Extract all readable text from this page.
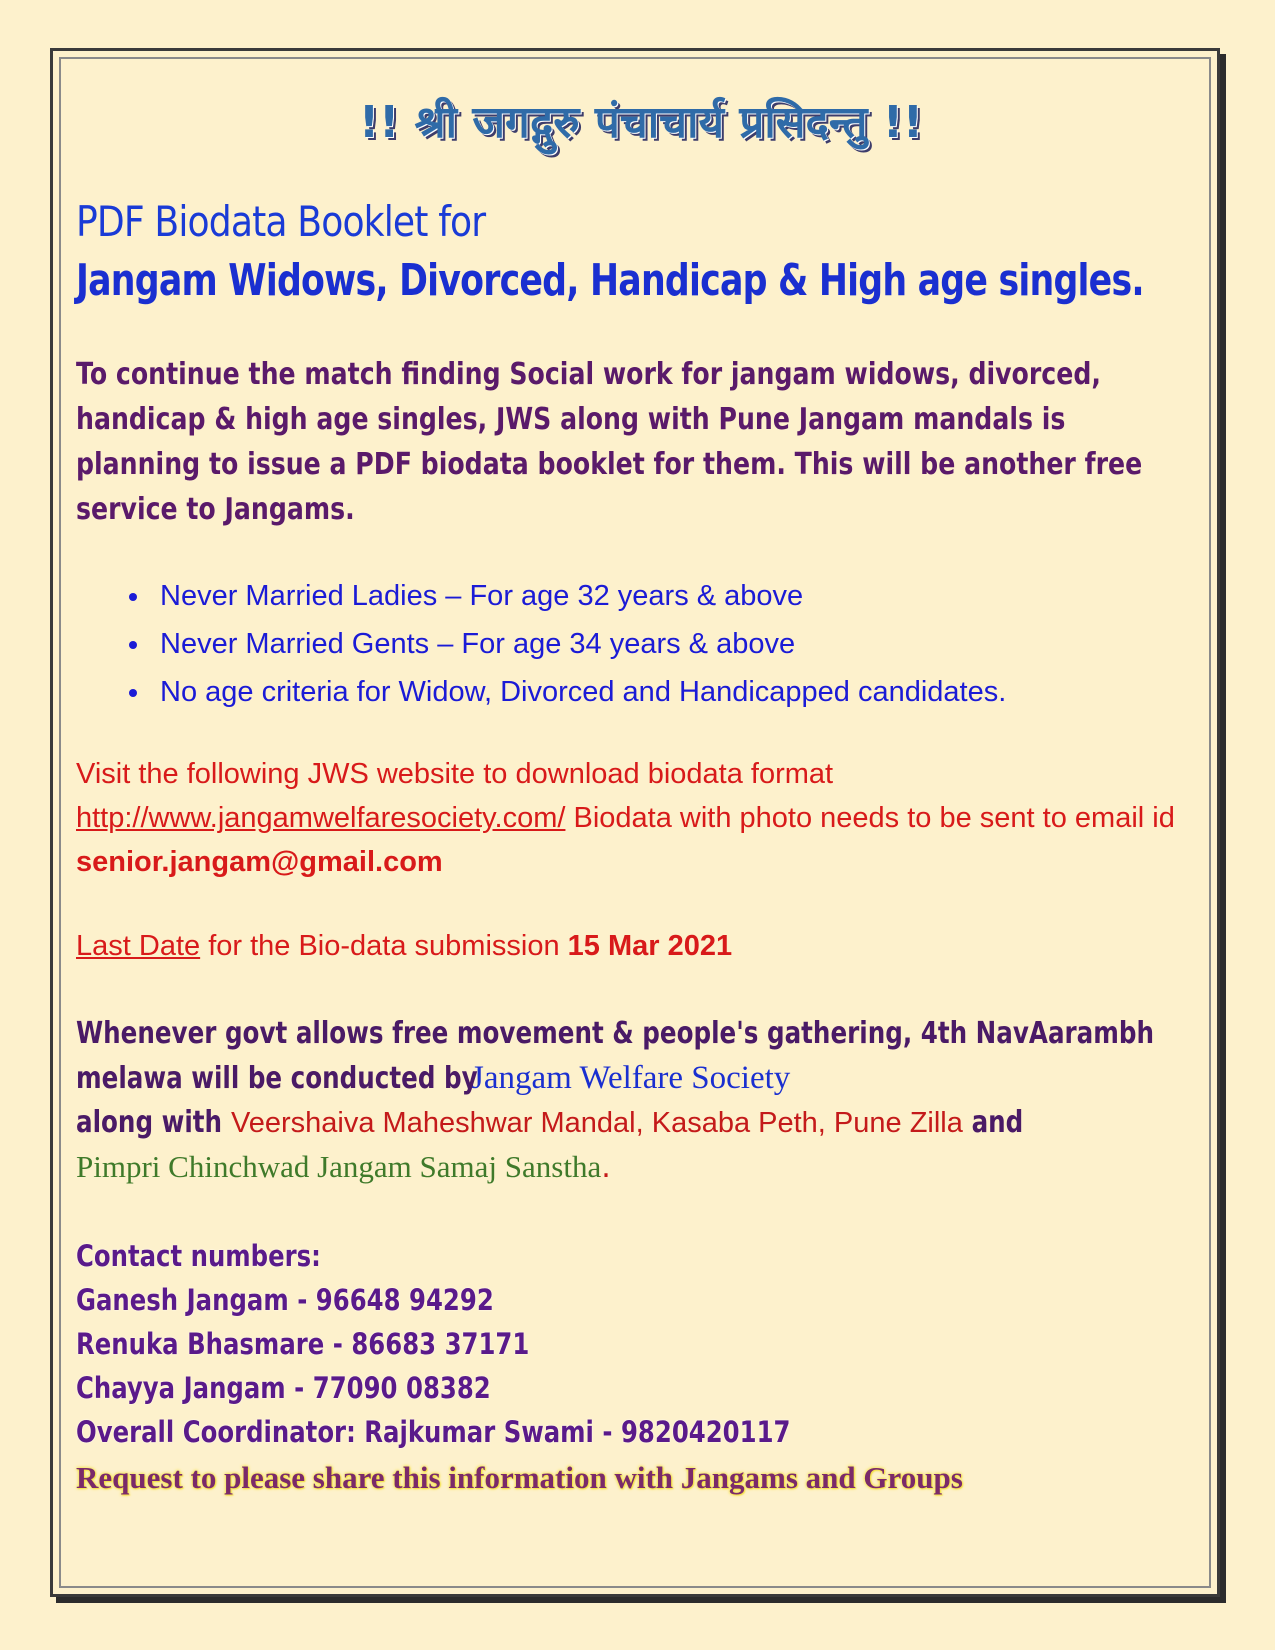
!! श्री जगद्गुरु पंचाचार्य प्रसिदन्तु !!
PDF Biodata Booklet for
Jangam Widows, Divorced, Handicap & High age singles.
To continue the match finding Social work for jangam widows, divorced, handicap & high age singles, JWS along with Pune Jangam mandals is planning to issue a PDF biodata booklet for them. This will be another free service to Jangams.
• Never Married Ladies – For age 32 years & above
• Never Married Gents – For age 34 years & above
• No age criteria for Widow, Divorced and Handicapped candidates.
Visit the following JWS website to download biodata format
http://www.jangamwelfaresociety.com/ Biodata with photo needs to be sent to email id senior.jangam@gmail.com
Last Date for the Bio-data submission 15 Mar 2021
Whenever govt allows free movement & people's gathering, 4th NavAarambh
melawa will be conducted by Jangam Welfare Society
along with Veershaiva Maheshwar Mandal, Kasaba Peth, Pune Zilla and
Pimpri Chinchwad Jangam Samaj Sanstha.
Contact numbers:
Ganesh Jangam - 96648 94292
Renuka Bhasmare - 86683 37171
Chayya Jangam - 77090 08382
Overall Coordinator: Rajkumar Swami - 9820420117
Request to please share this information with Jangams and Groups
